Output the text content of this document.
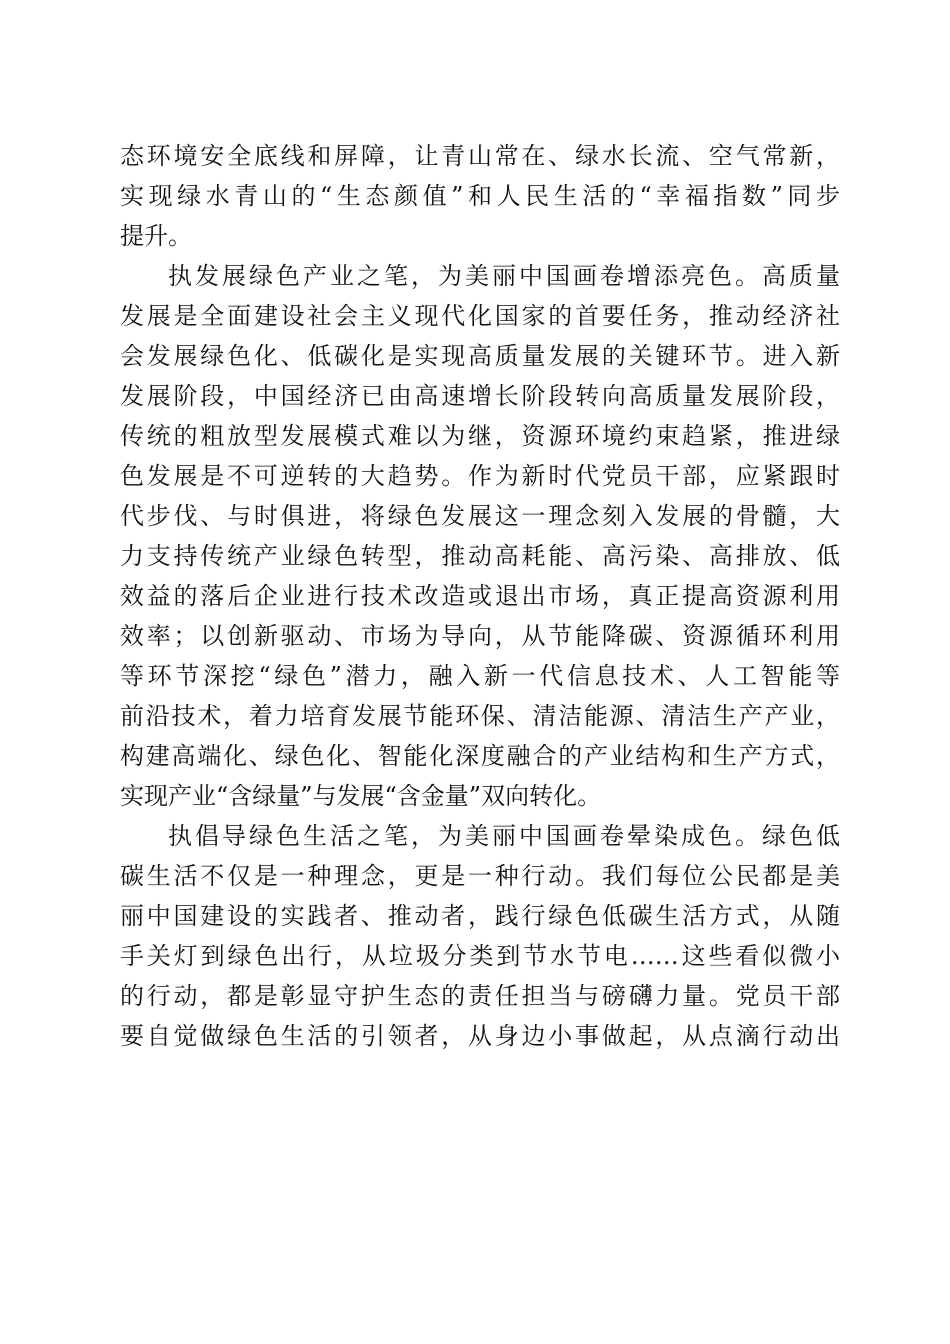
态环境安全底线和屏障，让青山常在、绿水长流、空气常新，
实现绿水青山的“生态颜值”和人民生活的“幸福指数”同步
提升。
执发展绿色产业之笔，为美丽中国画卷增添亮色。高质量
发展是全面建设社会主义现代化国家的首要任务，推动经济社
会发展绿色化、低碳化是实现高质量发展的关键环节。进入新
发展阶段，中国经济已由高速增长阶段转向高质量发展阶段，
传统的粗放型发展模式难以为继，资源环境约束趋紧，推进绿
色发展是不可逆转的大趋势。作为新时代党员干部，应紧跟时
代步伐、与时俱进，将绿色发展这一理念刻入发展的骨髓，大
力支持传统产业绿色转型，推动高耗能、高污染、高排放、低
效益的落后企业进行技术改造或退出市场，真正提高资源利用
效率；以创新驱动、市场为导向，从节能降碳、资源循环利用
等环节深挖“绿色”潜力，融入新一代信息技术、人工智能等
前沿技术，着力培育发展节能环保、清洁能源、清洁生产产业，
构建高端化、绿色化、智能化深度融合的产业结构和生产方式，
实现产业“含绿量”与发展“含金量”双向转化。
执倡导绿色生活之笔，为美丽中国画卷晕染成色。绿色低
碳生活不仅是一种理念，更是一种行动。我们每位公民都是美
丽中国建设的实践者、推动者，践行绿色低碳生活方式，从随
手关灯到绿色出行，从垃圾分类到节水节电……这些看似微小
的行动，都是彰显守护生态的责任担当与磅礴力量。党员干部
要自觉做绿色生活的引领者，从身边小事做起，从点滴行动出
